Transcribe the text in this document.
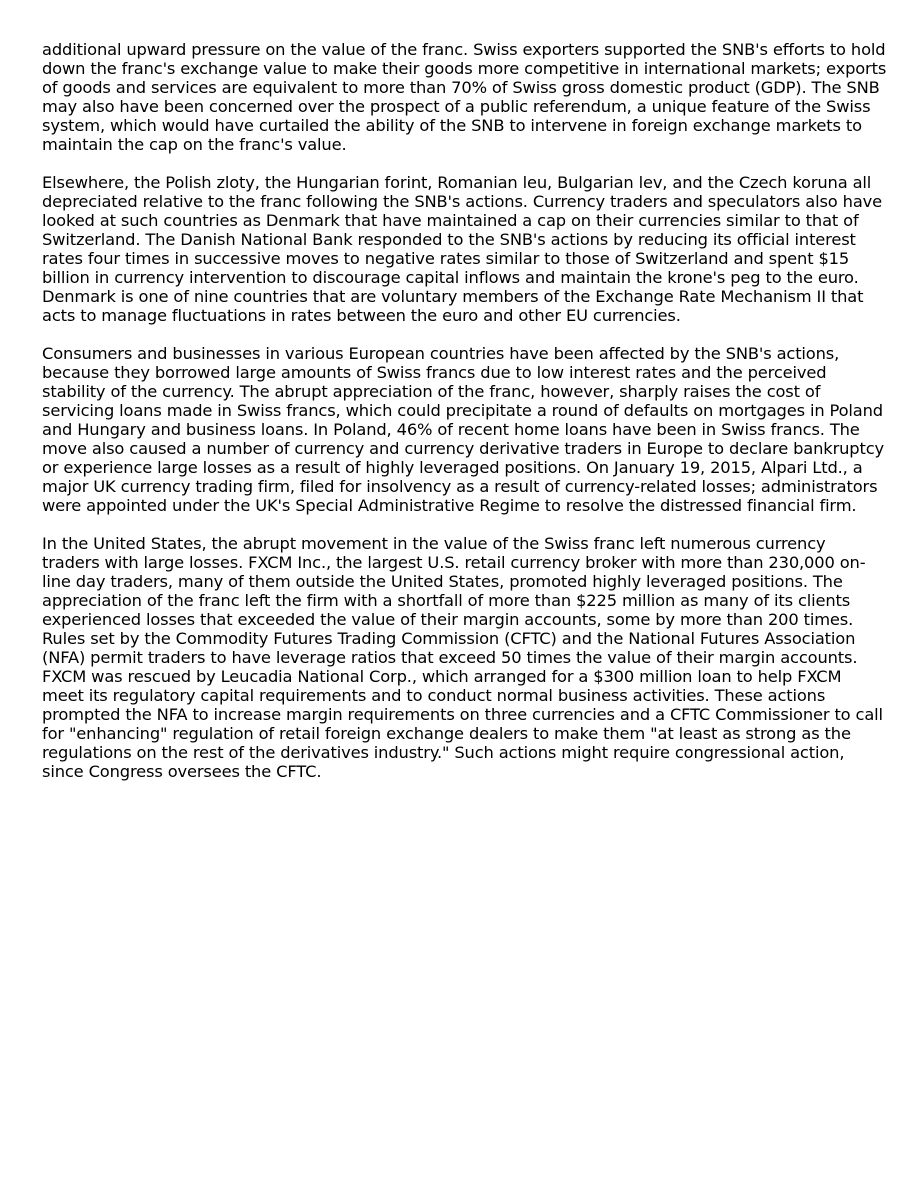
additional upward pressure on the value of the franc. Swiss exporters supported the SNB's efforts to hold down the franc's exchange value to make their goods more competitive in international markets; exports of goods and services are equivalent to more than 70% of Swiss gross domestic product (GDP). The SNB may also have been concerned over the prospect of a public referendum, a unique feature of the Swiss system, which would have curtailed the ability of the SNB to intervene in foreign exchange markets to maintain the cap on the franc's value.

Elsewhere, the Polish zloty, the Hungarian forint, Romanian leu, Bulgarian lev, and the Czech koruna all depreciated relative to the franc following the SNB's actions. Currency traders and speculators also have looked at such countries as Denmark that have maintained a cap on their currencies similar to that of Switzerland. The Danish National Bank responded to the SNB's actions by reducing its official interest rates four times in successive moves to negative rates similar to those of Switzerland and spent $15 billion in currency intervention to discourage capital inflows and maintain the krone's peg to the euro. Denmark is one of nine countries that are voluntary members of the Exchange Rate Mechanism II that acts to manage fluctuations in rates between the euro and other EU currencies.

Consumers and businesses in various European countries have been affected by the SNB's actions, because they borrowed large amounts of Swiss francs due to low interest rates and the perceived stability of the currency. The abrupt appreciation of the franc, however, sharply raises the cost of servicing loans made in Swiss francs, which could precipitate a round of defaults on mortgages in Poland and Hungary and business loans. In Poland, 46% of recent home loans have been in Swiss francs. The move also caused a number of currency and currency derivative traders in Europe to declare bankruptcy or experience large losses as a result of highly leveraged positions. On January 19, 2015, Alpari Ltd., a major UK currency trading firm, filed for insolvency as a result of currency-related losses; administrators were appointed under the UK's Special Administrative Regime to resolve the distressed financial firm.

In the United States, the abrupt movement in the value of the Swiss franc left numerous currency traders with large losses. FXCM Inc., the largest U.S. retail currency broker with more than 230,000 on-line day traders, many of them outside the United States, promoted highly leveraged positions. The appreciation of the franc left the firm with a shortfall of more than $225 million as many of its clients experienced losses that exceeded the value of their margin accounts, some by more than 200 times. Rules set by the Commodity Futures Trading Commission (CFTC) and the National Futures Association (NFA) permit traders to have leverage ratios that exceed 50 times the value of their margin accounts. FXCM was rescued by Leucadia National Corp., which arranged for a $300 million loan to help FXCM meet its regulatory capital requirements and to conduct normal business activities. These actions prompted the NFA to increase margin requirements on three currencies and a CFTC Commissioner to call for "enhancing" regulation of retail foreign exchange dealers to make them "at least as strong as the regulations on the rest of the derivatives industry." Such actions might require congressional action, since Congress oversees the CFTC.
